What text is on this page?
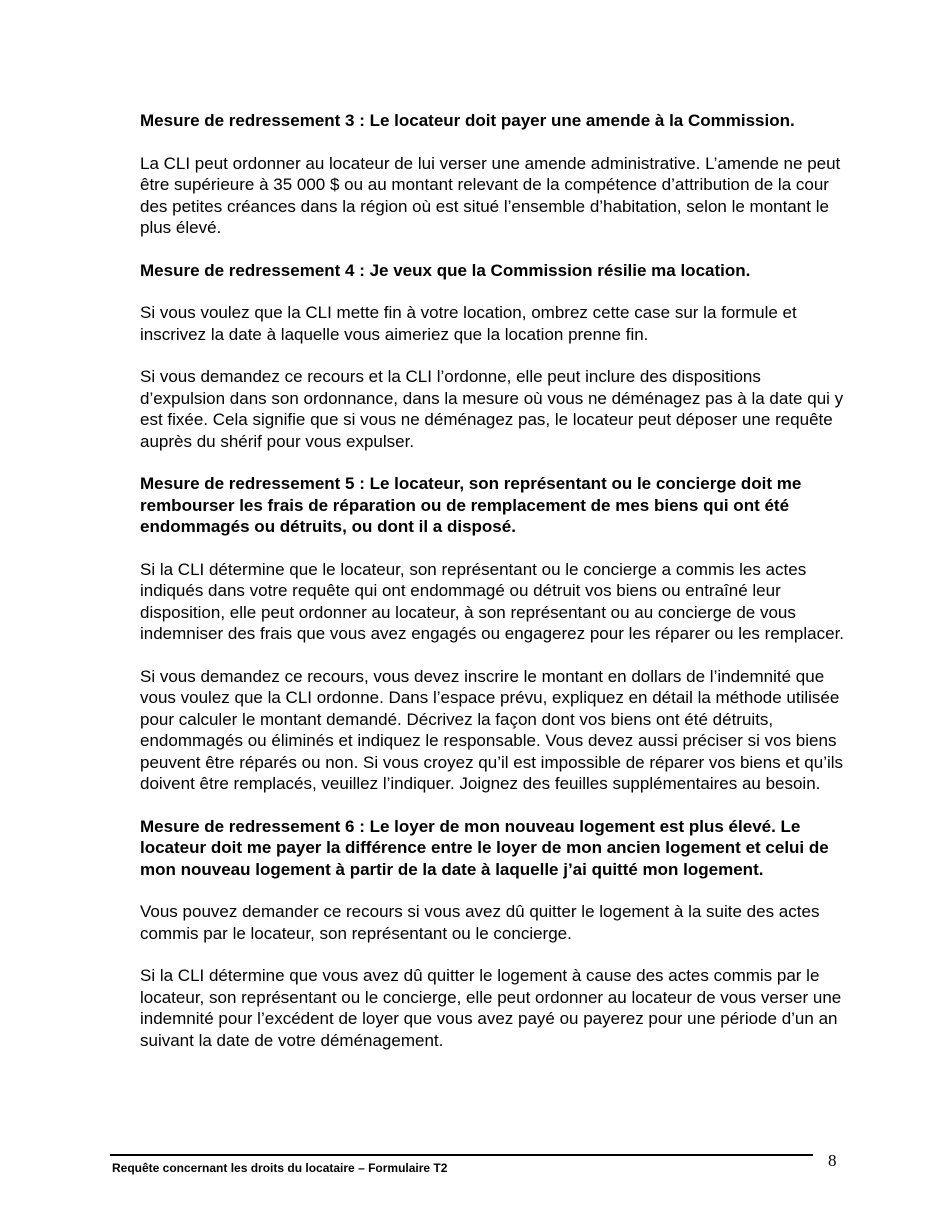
Mesure de redressement 3 : Le locateur doit payer une amende à la Commission.
La CLI peut ordonner au locateur de lui verser une amende administrative. L’amende ne peut être supérieure à 35 000 $ ou au montant relevant de la compétence d’attribution de la cour des petites créances dans la région où est situé l’ensemble d’habitation, selon le montant le plus élevé.
Mesure de redressement 4 : Je veux que la Commission résilie ma location.
Si vous voulez que la CLI mette fin à votre location, ombrez cette case sur la formule et inscrivez la date à laquelle vous aimeriez que la location prenne fin.
Si vous demandez ce recours et la CLI l’ordonne, elle peut inclure des dispositions d’expulsion dans son ordonnance, dans la mesure où vous ne déménagez pas à la date qui y est fixée. Cela signifie que si vous ne déménagez pas, le locateur peut déposer une requête auprès du shérif pour vous expulser.
Mesure de redressement 5 : Le locateur, son représentant ou le concierge doit me rembourser les frais de réparation ou de remplacement de mes biens qui ont été endommagés ou détruits, ou dont il a disposé.
Si la CLI détermine que le locateur, son représentant ou le concierge a commis les actes indiqués dans votre requête qui ont endommagé ou détruit vos biens ou entraîné leur disposition, elle peut ordonner au locateur, à son représentant ou au concierge de vous indemniser des frais que vous avez engagés ou engagerez pour les réparer ou les remplacer.
Si vous demandez ce recours, vous devez inscrire le montant en dollars de l’indemnité que vous voulez que la CLI ordonne. Dans l’espace prévu, expliquez en détail la méthode utilisée pour calculer le montant demandé. Décrivez la façon dont vos biens ont été détruits, endommagés ou éliminés et indiquez le responsable. Vous devez aussi préciser si vos biens peuvent être réparés ou non. Si vous croyez qu’il est impossible de réparer vos biens et qu’ils doivent être remplacés, veuillez l’indiquer. Joignez des feuilles supplémentaires au besoin.
Mesure de redressement 6 : Le loyer de mon nouveau logement est plus élevé. Le locateur doit me payer la différence entre le loyer de mon ancien logement et celui de mon nouveau logement à partir de la date à laquelle j’ai quitté mon logement.
Vous pouvez demander ce recours si vous avez dû quitter le logement à la suite des actes commis par le locateur, son représentant ou le concierge.
Si la CLI détermine que vous avez dû quitter le logement à cause des actes commis par le locateur, son représentant ou le concierge, elle peut ordonner au locateur de vous verser une indemnité pour l’excédent de loyer que vous avez payé ou payerez pour une période d’un an suivant la date de votre déménagement.
Requête concernant les droits du locataire – Formulaire T2	8
